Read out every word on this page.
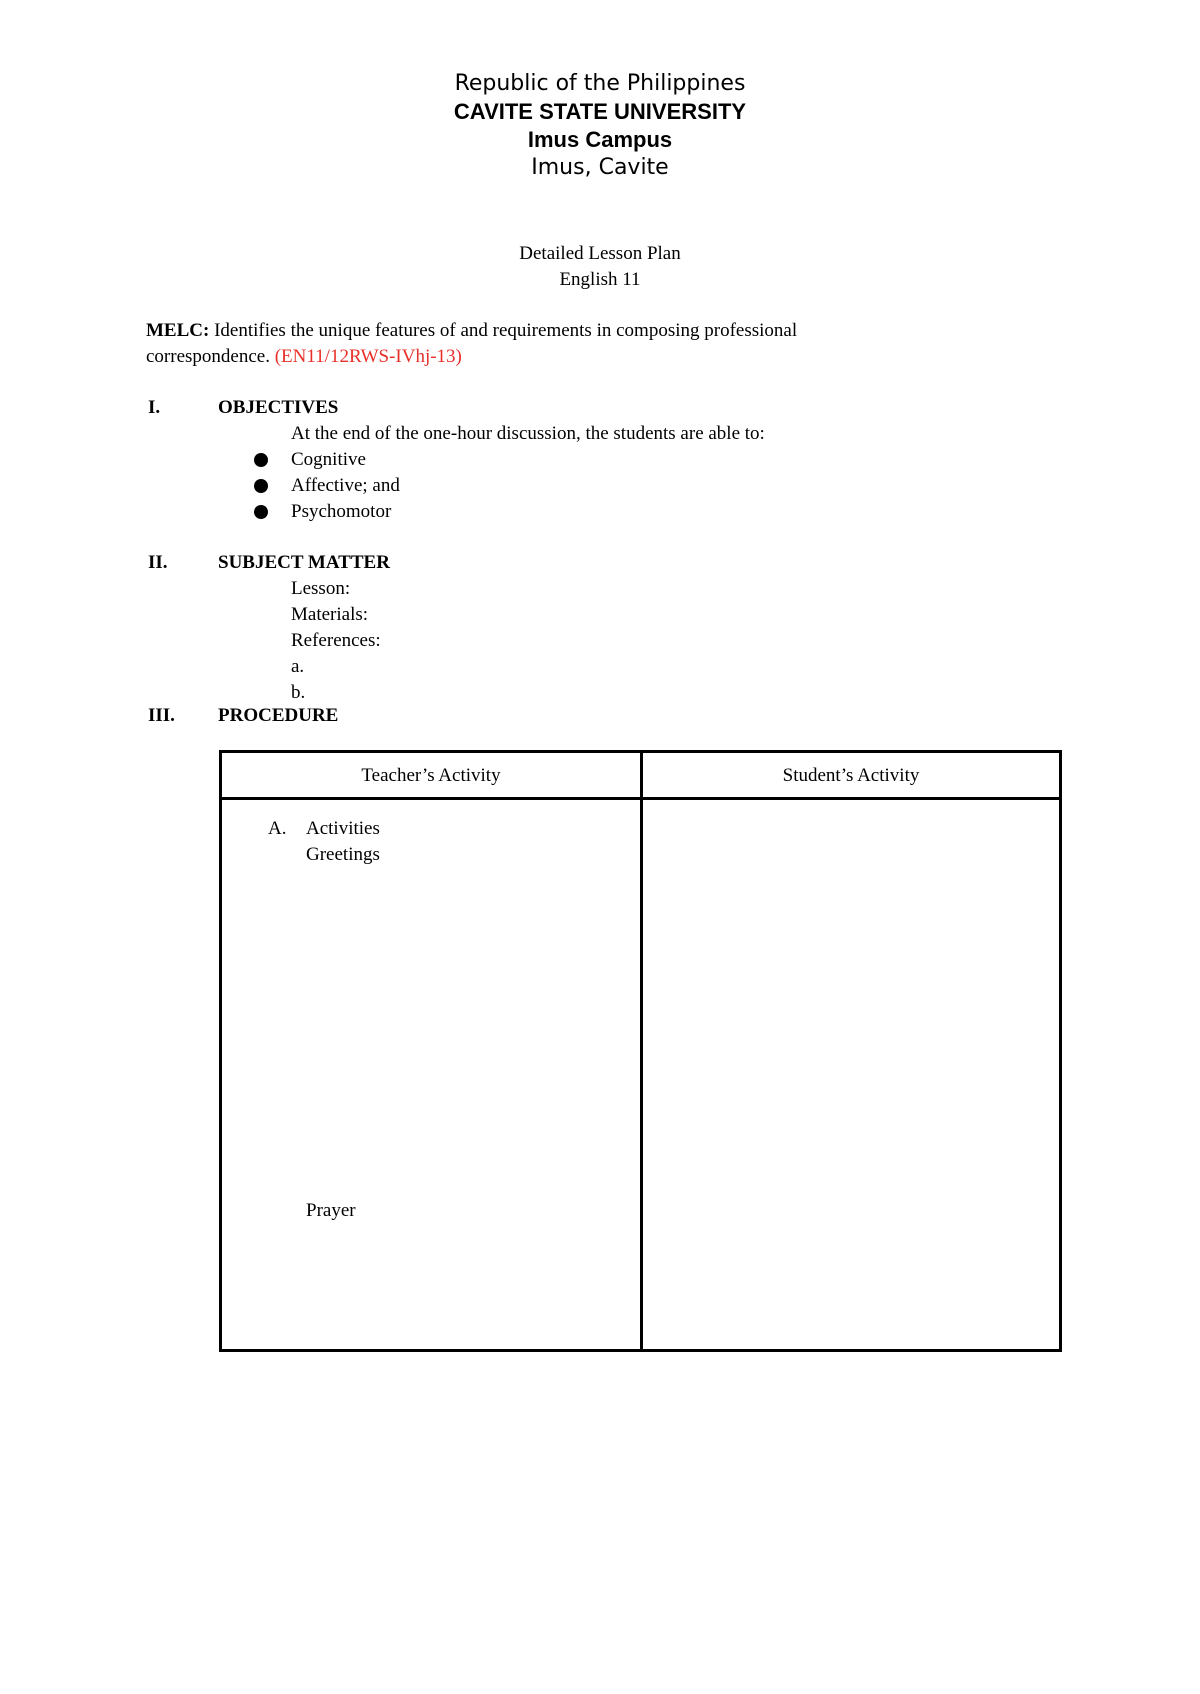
Republic of the Philippines
CAVITE STATE UNIVERSITY
Imus Campus
Imus, Cavite
Detailed Lesson Plan
English 11
MELC: Identifies the unique features of and requirements in composing professional
correspondence. (EN11/12RWS-IVhj-13)
I.	OBJECTIVES
At the end of the one-hour discussion, the students are able to:
Cognitive
Affective; and
Psychomotor
II.	SUBJECT MATTER
Lesson:
Materials:
References:
a.
b.
III. PROCEDURE
Teacher’s Activity	Student’s Activity
A. Activities
Greetings
Prayer
